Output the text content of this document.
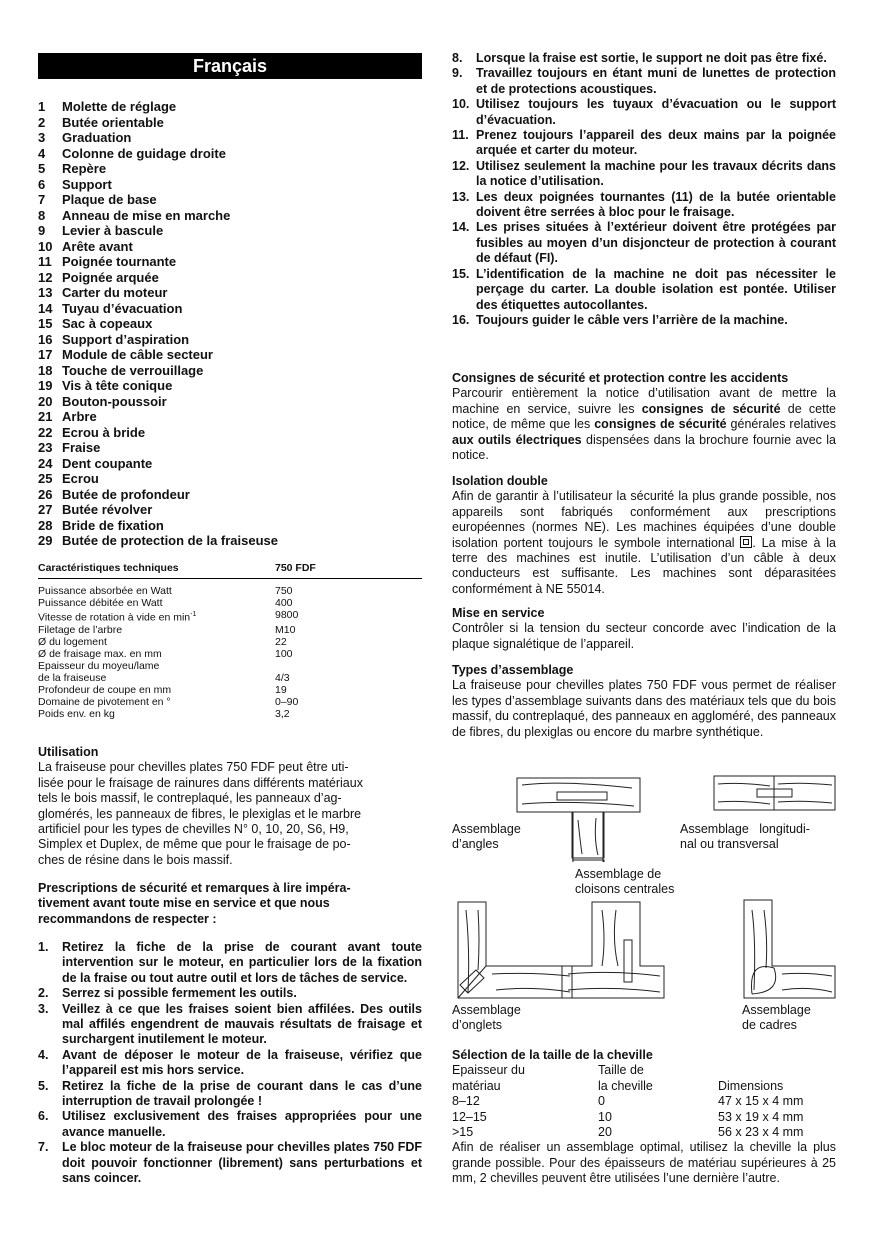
Français
1	Molette de réglage
2	Butée orientable
3	Graduation
4	Colonne de guidage droite
5	Repère
6	Support
7	Plaque de base
8	Anneau de mise en marche
9	Levier à bascule
10 Arête avant
11 Poignée tournante
12 Poignée arquée
13 Carter du moteur
14 Tuyau d’évacuation
15 Sac à copeaux
16 Support d’aspiration
17 Module de câble secteur
18 Touche de verrouillage
19 Vis à tête conique
20 Bouton-poussoir
21 Arbre
22 Ecrou à bride
23 Fraise
24 Dent coupante
25 Ecrou
26 Butée de profondeur
27 Butée révolver
28 Bride de fixation
29 Butée de protection de la fraiseuse
Caractéristiques techniques	750 FDF
Puissance absorbée en Watt	750
Puissance débitée en Watt	400
Vitesse de rotation à vide en $\min^{-1}$	9800
Filetage de l’arbre	M10
Ø du logement	22
Ø de fraisage max. en mm	100
Epaisseur du moyeu/lame
de la fraiseuse	4/3
Profondeur de coupe en mm	19
Domaine de pivotement en °	0–90
Poids env. en kg	3,2
Utilisation
La fraiseuse pour chevilles plates 750 FDF peut être uti-
lisée pour le fraisage de rainures dans différents matériaux
tels le bois massif, le contreplaqué, les panneaux d’ag-
glomérés, les panneaux de fibres, le plexiglas et le marbre
artificiel pour les types de chevilles N° 0, 10, 20, S6, H9,
Simplex et Duplex, de même que pour le fraisage de po-
ches de résine dans le bois massif.
Prescriptions de sécurité et remarques à lire impéra-
tivement avant toute mise en service et que nous
recommandons de respecter :
1.	Retirez la fiche de la prise de courant avant toute intervention sur le moteur, en particulier lors de la fixation de la fraise ou tout autre outil et lors de tâches de service.
2.	Serrez si possible fermement les outils.
3.	Veillez à ce que les fraises soient bien affilées. Des outils mal affilés engendrent de mauvais résultats de fraisage et surchargent inutilement le moteur.
4.	Avant de déposer le moteur de la fraiseuse, vérifiez que l’appareil est mis hors service.
5.	Retirez la fiche de la prise de courant dans le cas d’une interruption de travail prolongée !
6.	Utilisez exclusivement des fraises appropriées pour une avance manuelle.
7.	Le bloc moteur de la fraiseuse pour chevilles plates 750 FDF doit pouvoir fonctionner (librement) sans perturbations et sans coincer.
8.	Lorsque la fraise est sortie, le support ne doit pas être fixé.
9.	Travaillez toujours en étant muni de lunettes de protection et de protections acoustiques.
10. Utilisez toujours les tuyaux d’évacuation ou le support d’évacuation.
11. Prenez toujours l’appareil des deux mains par la poignée arquée et carter du moteur.
12. Utilisez seulement la machine pour les travaux décrits dans la notice d’utilisation.
13. Les deux poignées tournantes (11) de la butée orientable doivent être serrées à bloc pour le fraisage.
14. Les prises situées à l’extérieur doivent être protégées par fusibles au moyen d’un disjoncteur de protection à courant de défaut (FI).
15. L’identification de la machine ne doit pas nécessiter le perçage du carter. La double isolation est pontée. Utiliser des étiquettes autocollantes.
16. Toujours guider le câble vers l’arrière de la machine.
Consignes de sécurité et protection contre les accidents
Parcourir entièrement la notice d’utilisation avant de mettre la machine en service, suivre les consignes de sécurité de cette notice, de même que les consignes de sécurité générales relatives aux outils électriques dispensées dans la brochure fournie avec la notice.
Isolation double
Afin de garantir à l’utilisateur la sécurité la plus grande possible, nos appareils sont fabriqués conformément aux prescriptions européennes (normes NE). Les machines équipées d’une double isolation portent toujours le symbole international . La mise à la terre des machines est inutile. L’utilisation d’un câble à deux conducteurs est suffisante. Les machines sont déparasitées conformément à NE 55014.
Mise en service
Contrôler si la tension du secteur concorde avec l’indication de la plaque signalétique de l’appareil.
Types d’assemblage
La fraiseuse pour chevilles plates 750 FDF vous permet de réaliser les types d’assemblage suivants dans des matériaux tels que du bois massif, du contreplaqué, des panneaux en aggloméré, des panneaux de fibres, du plexiglas ou encore du marbre synthétique.
Assemblage
d’angles
Assemblage   longitudi-
nal ou transversal
Assemblage de
cloisons centrales
Assemblage
d’onglets
Assemblage
de cadres
Sélection de la taille de la cheville
Epaisseur du	Taille de
matériau	la cheville	Dimensions
8–12	0	47 x 15 x 4 mm
12–15	10	53 x 19 x 4 mm
>15	20	56 x 23 x 4 mm
Afin de réaliser un assemblage optimal, utilisez la cheville la plus grande possible. Pour des épaisseurs de matériau supérieures à 25 mm, 2 chevilles peuvent être utilisées l’une dernière l’autre.
